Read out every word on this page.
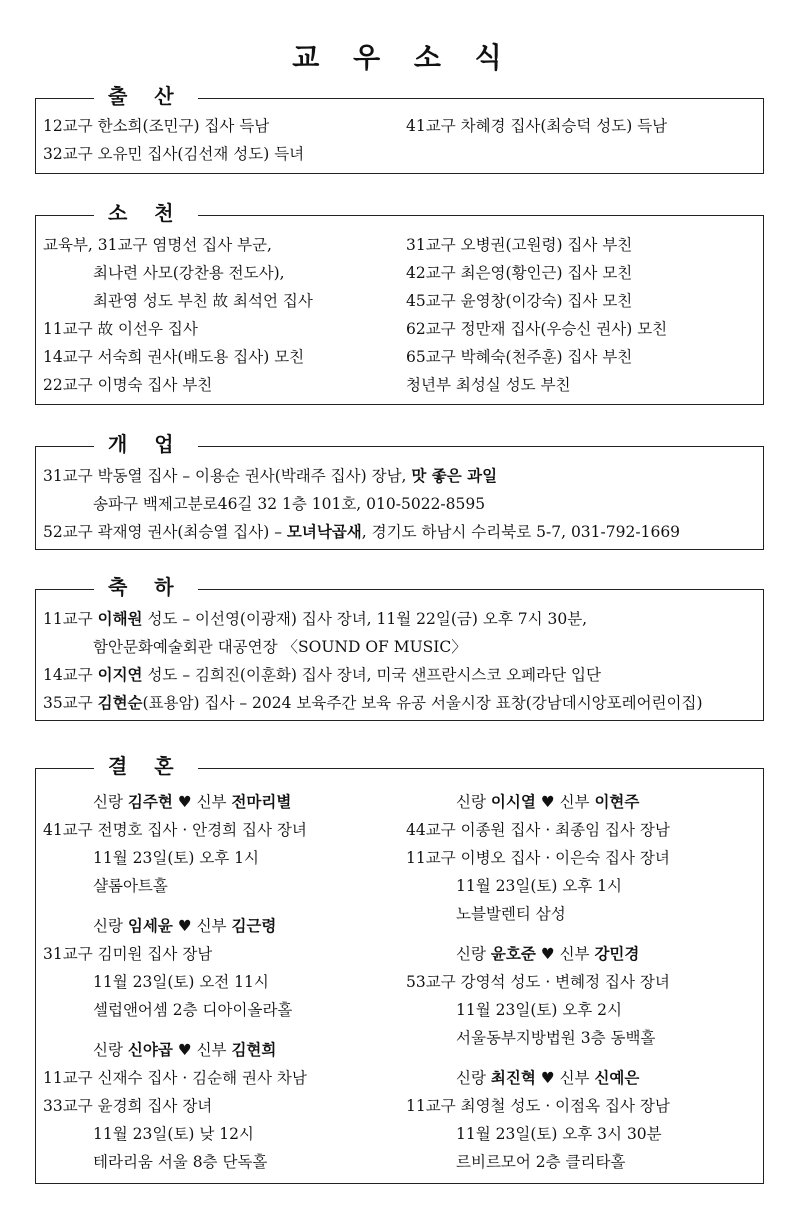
교 우 소 식
출 산
12교구 한소희(조민구) 집사 득남
32교구 오유민 집사(김선재 성도) 득녀
41교구 차혜경 집사(최승덕 성도) 득남
소 천
교육부, 31교구 염명선 집사 부군,
최나련 사모(강찬용 전도사),
최관영 성도 부친 故 최석언 집사
11교구 故 이선우 집사
14교구 서숙희 권사(배도용 집사) 모친
22교구 이명숙 집사 부친
31교구 오병권(고원령) 집사 부친
42교구 최은영(황인근) 집사 모친
45교구 윤영창(이강숙) 집사 모친
62교구 정만재 집사(우승신 권사) 모친
65교구 박혜숙(천주훈) 집사 부친
청년부 최성실 성도 부친
개 업
31교구 박동열 집사 – 이용순 권사(박래주 집사) 장남, 맛 좋은 과일
송파구 백제고분로46길 32 1층 101호, 010-5022-8595
52교구 곽재영 권사(최승열 집사) – 모녀낙곱새, 경기도 하남시 수리북로 5-7, 031-792-1669
축 하
11교구 이해원 성도 – 이선영(이광재) 집사 장녀, 11월 22일(금) 오후 7시 30분,
함안문화예술회관 대공연장 〈SOUND OF MUSIC〉
14교구 이지연 성도 – 김희진(이훈화) 집사 장녀, 미국 샌프란시스코 오페라단 입단
35교구 김현순(표용암) 집사 – 2024 보육주간 보육 유공 서울시장 표창(강남데시앙포레어린이집)
결 혼
신랑 김주현 ♥ 신부 전마리별
41교구 전명호 집사 · 안경희 집사 장녀
11월 23일(토) 오후 1시
샬롬아트홀
신랑 임세윤 ♥ 신부 김근령
31교구 김미원 집사 장남
11월 23일(토) 오전 11시
셀럽앤어셈 2층 디아이올라홀
신랑 신야곱 ♥ 신부 김현희
11교구 신재수 집사 · 김순해 권사 차남
33교구 윤경희 집사 장녀
11월 23일(토) 낮 12시
테라리움 서울 8층 단독홀
신랑 이시열 ♥ 신부 이현주
44교구 이종원 집사 · 최종임 집사 장남
11교구 이병오 집사 · 이은숙 집사 장녀
11월 23일(토) 오후 1시
노블발렌티 삼성
신랑 윤호준 ♥ 신부 강민경
53교구 강영석 성도 · 변혜정 집사 장녀
11월 23일(토) 오후 2시
서울동부지방법원 3층 동백홀
신랑 최진혁 ♥ 신부 신예은
11교구 최영철 성도 · 이점옥 집사 장남
11월 23일(토) 오후 3시 30분
르비르모어 2층 클리타홀
